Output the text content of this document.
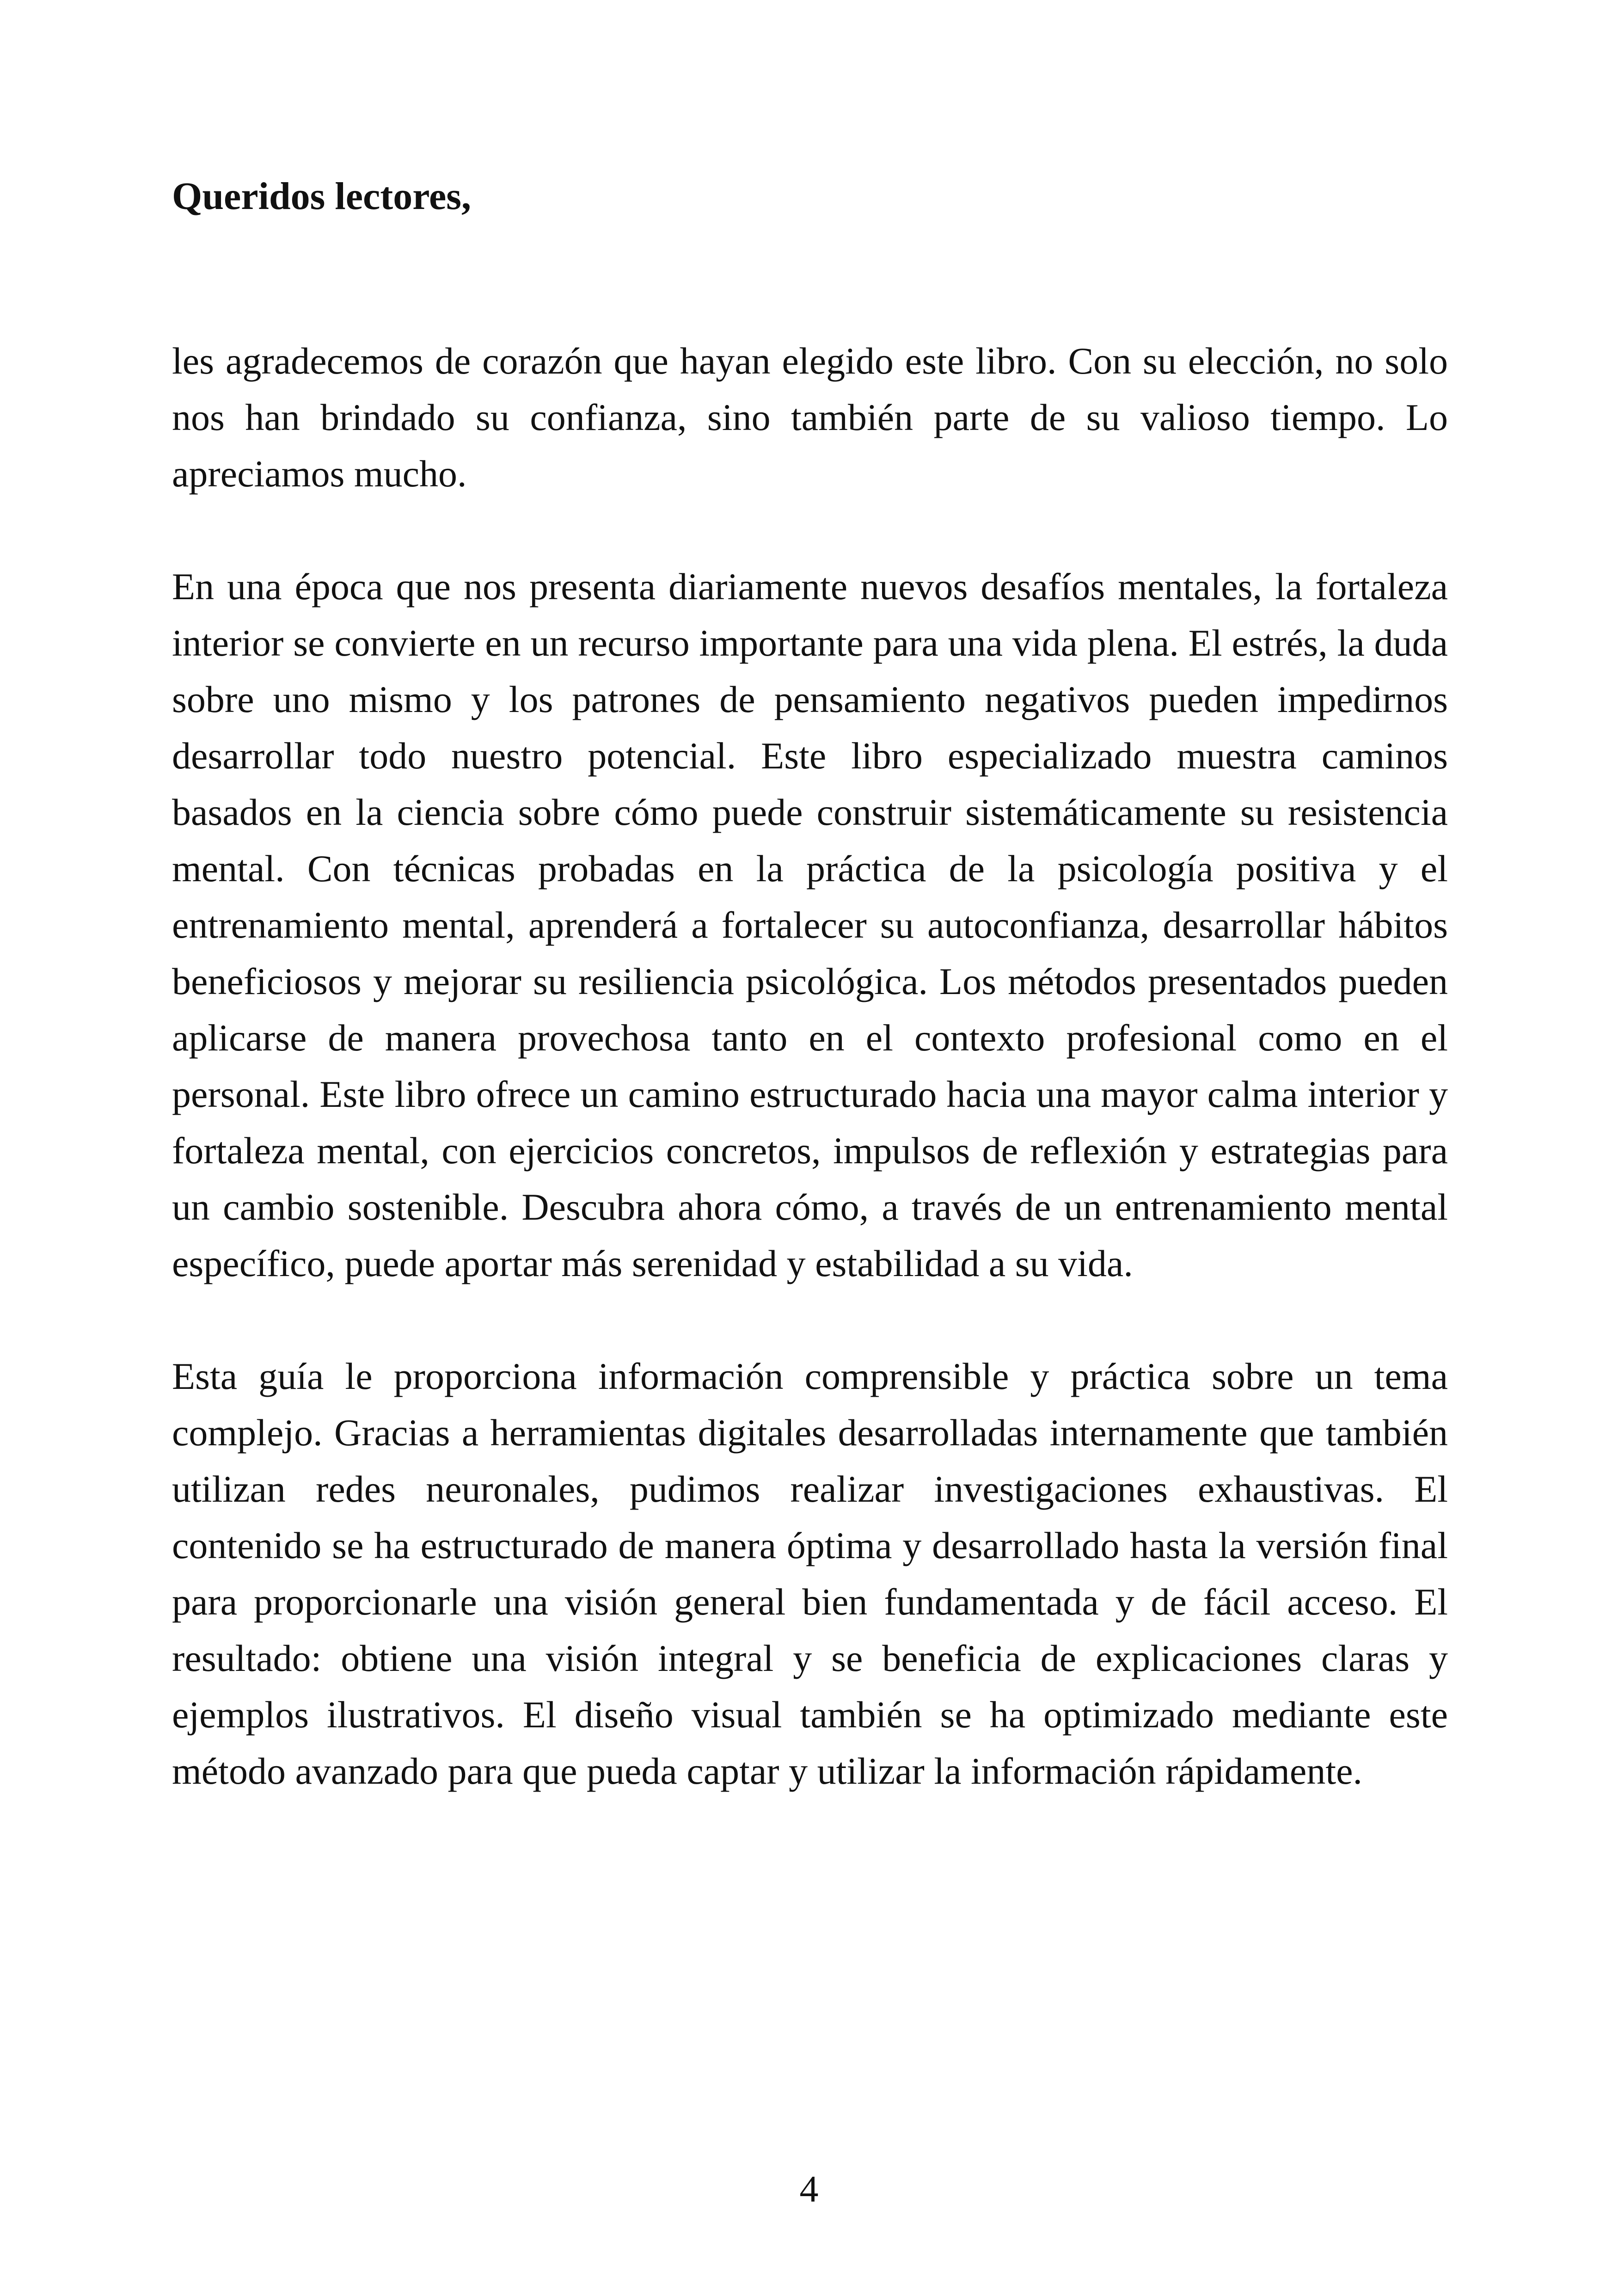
Queridos lectores,

les agradecemos de corazón que hayan elegido este libro. Con su elección, no solo nos han brindado su confianza, sino también parte de su valioso tiempo. Lo apreciamos mucho.

En una época que nos presenta diariamente nuevos desafíos mentales, la fortaleza interior se convierte en un recurso importante para una vida plena. El estrés, la duda sobre uno mismo y los patrones de pensamiento negativos pueden impedirnos desarrollar todo nuestro potencial. Este libro especializado muestra caminos basados en la ciencia sobre cómo puede construir sistemáticamente su resistencia mental. Con técnicas probadas en la práctica de la psicología positiva y el entrenamiento mental, aprenderá a fortalecer su autoconfianza, desarrollar hábitos beneficiosos y mejorar su resiliencia psicológica. Los métodos presentados pueden aplicarse de manera provechosa tanto en el contexto profesional como en el personal. Este libro ofrece un camino estructurado hacia una mayor calma interior y fortaleza mental, con ejercicios concretos, impulsos de reflexión y estrategias para un cambio sostenible. Descubra ahora cómo, a través de un entrenamiento mental específico, puede aportar más serenidad y estabilidad a su vida.

Esta guía le proporciona información comprensible y práctica sobre un tema complejo. Gracias a herramientas digitales desarrolladas internamente que también utilizan redes neuronales, pudimos realizar investigaciones exhaustivas. El contenido se ha estructurado de manera óptima y desarrollado hasta la versión final para proporcionarle una visión general bien fundamentada y de fácil acceso. El resultado: obtiene una visión integral y se beneficia de explicaciones claras y ejemplos ilustrativos. El diseño visual también se ha optimizado mediante este método avanzado para que pueda captar y utilizar la información rápidamente.

4
